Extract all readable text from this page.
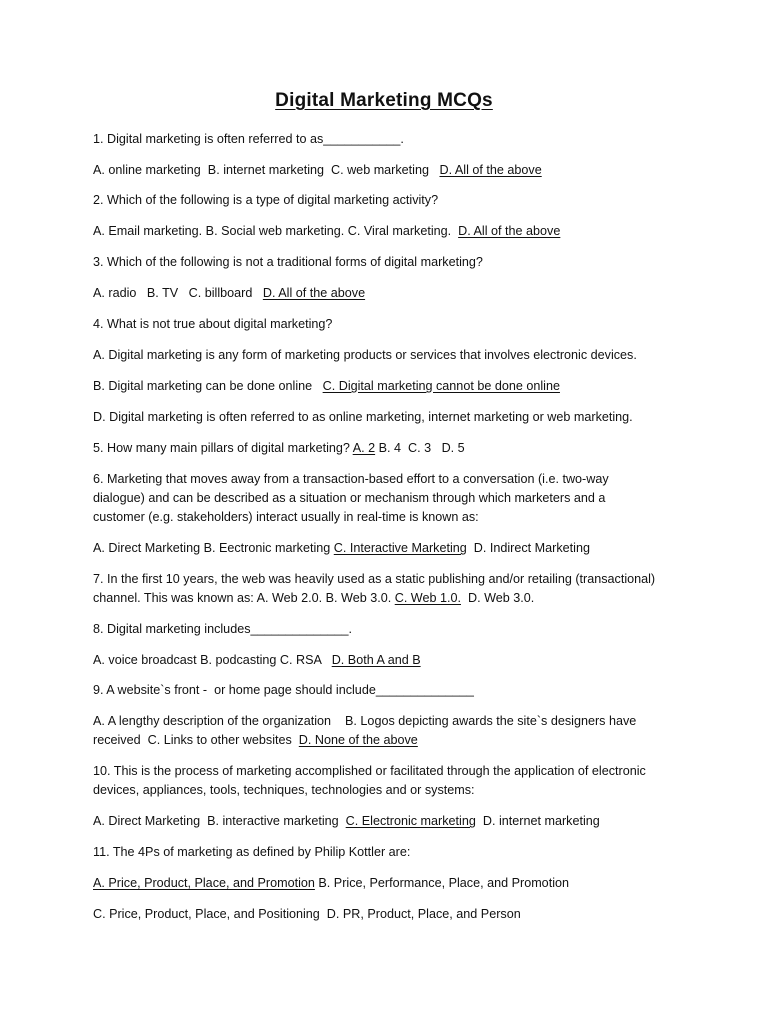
Digital Marketing MCQs
1. Digital marketing is often referred to as___________.
A. online marketing  B. internet marketing  C. web marketing   D. All of the above
2. Which of the following is a type of digital marketing activity?
A. Email marketing. B. Social web marketing. C. Viral marketing.  D. All of the above
3. Which of the following is not a traditional forms of digital marketing?
A. radio   B. TV   C. billboard   D. All of the above
4. What is not true about digital marketing?
A. Digital marketing is any form of marketing products or services that involves electronic devices.
B. Digital marketing can be done online   C. Digital marketing cannot be done online
D. Digital marketing is often referred to as online marketing, internet marketing or web marketing.
5. How many main pillars of digital marketing? A. 2 B. 4  C. 3   D. 5
6. Marketing that moves away from a transaction-based effort to a conversation (i.e. two-way
dialogue) and can be described as a situation or mechanism through which marketers and a
customer (e.g. stakeholders) interact usually in real-time is known as:
A. Direct Marketing B. Eectronic marketing C. Interactive Marketing  D. Indirect Marketing
7. In the first 10 years, the web was heavily used as a static publishing and/or retailing (transactional)
channel. This was known as: A. Web 2.0. B. Web 3.0. C. Web 1.0.  D. Web 3.0.
8. Digital marketing includes______________.
A. voice broadcast B. podcasting C. RSA   D. Both A and B
9. A website`s front -  or home page should include______________
A. A lengthy description of the organization    B. Logos depicting awards the site`s designers have
received  C. Links to other websites  D. None of the above
10. This is the process of marketing accomplished or facilitated through the application of electronic
devices, appliances, tools, techniques, technologies and or systems:
A. Direct Marketing  B. interactive marketing  C. Electronic marketing  D. internet marketing
11. The 4Ps of marketing as defined by Philip Kottler are:
A. Price, Product, Place, and Promotion B. Price, Performance, Place, and Promotion
C. Price, Product, Place, and Positioning  D. PR, Product, Place, and Person
